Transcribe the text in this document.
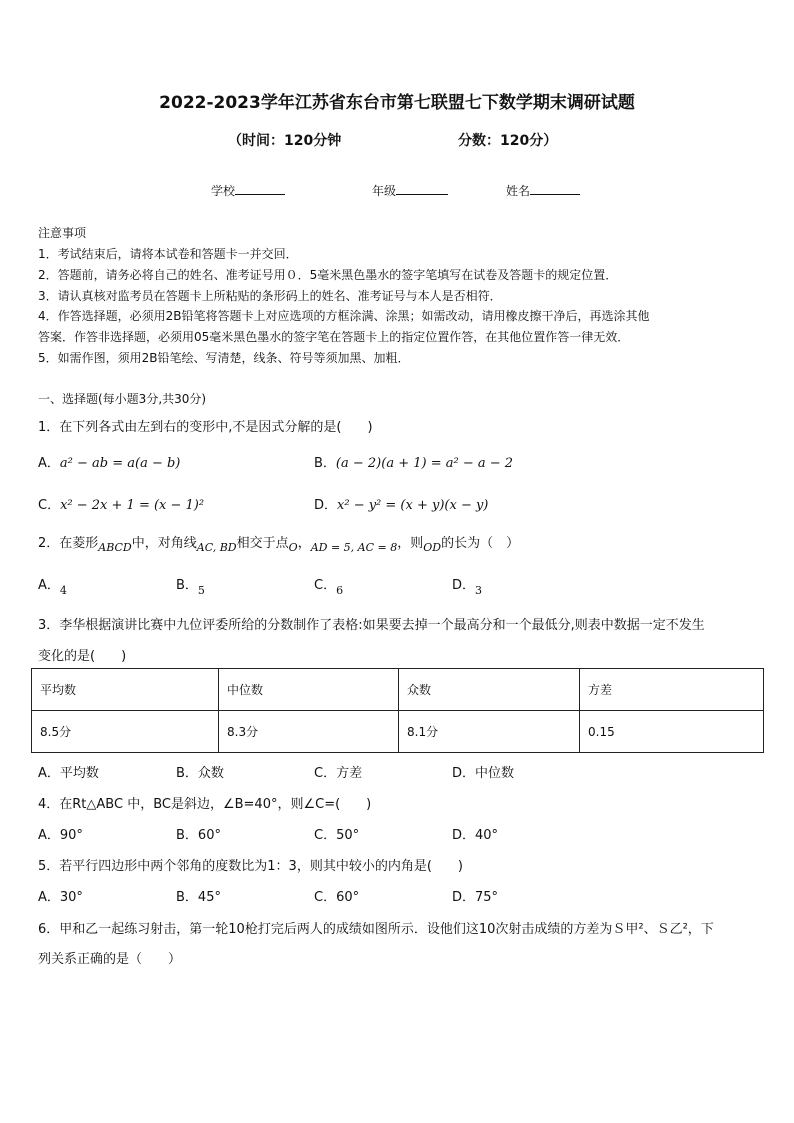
2022-2023学年江苏省东台市第七联盟七下数学期末调研试题
（时间：120分钟	分数：120分）
学校	年级	姓名
注意事项
1．考试结束后，请将本试卷和答题卡一并交回．
2．答题前，请务必将自己的姓名、准考证号用０．5毫米黑色墨水的签字笔填写在试卷及答题卡的规定位置．
3．请认真核对监考员在答题卡上所粘贴的条形码上的姓名、准考证号与本人是否相符．
4．作答选择题，必须用2B铅笔将答题卡上对应选项的方框涂满、涂黑；如需改动，请用橡皮擦干净后，再选涂其他
答案．作答非选择题，必须用05毫米黑色墨水的签字笔在答题卡上的指定位置作答，在其他位置作答一律无效．
5．如需作图，须用2B铅笔绘、写清楚，线条、符号等须加黑、加粗．
一、选择题(每小题3分,共30分)
1．在下列各式由左到右的变形中,不是因式分解的是(　　)
A．a² − ab = a(a − b)	B．(a − 2)(a + 1) = a² − a − 2
C．x² − 2x + 1 = (x − 1)²	D．x² − y² = (x + y)(x − y)
2．在菱形$_{ABCD}$中，对角线$_{AC, BD}$相交于点$_O$，$_{AD = 5, AC = 8}$，则$_{OD}$的长为（　）
A．$_4$	B．$_5$	C．$_6$	D．$_3$
3．李华根据演讲比赛中九位评委所给的分数制作了表格:如果要去掉一个最高分和一个最低分,则表中数据一定不发生
变化的是(　　)
平均数	中位数	众数	方差
8.5分	8.3分	8.1分	0.15
A．平均数	B．众数	C．方差	D．中位数
4．在Rt△ABC 中，BC是斜边，∠B=40°，则∠C=(　　)
A．90°	B．60°	C．50°	D．40°
5．若平行四边形中两个邻角的度数比为1：3，则其中较小的内角是(　　)
A．30°	B．45°	C．60°	D．75°
6．甲和乙一起练习射击，第一轮10枪打完后两人的成绩如图所示．设他们这10次射击成绩的方差为Ｓ甲²、Ｓ乙²，下
列关系正确的是（　　）
